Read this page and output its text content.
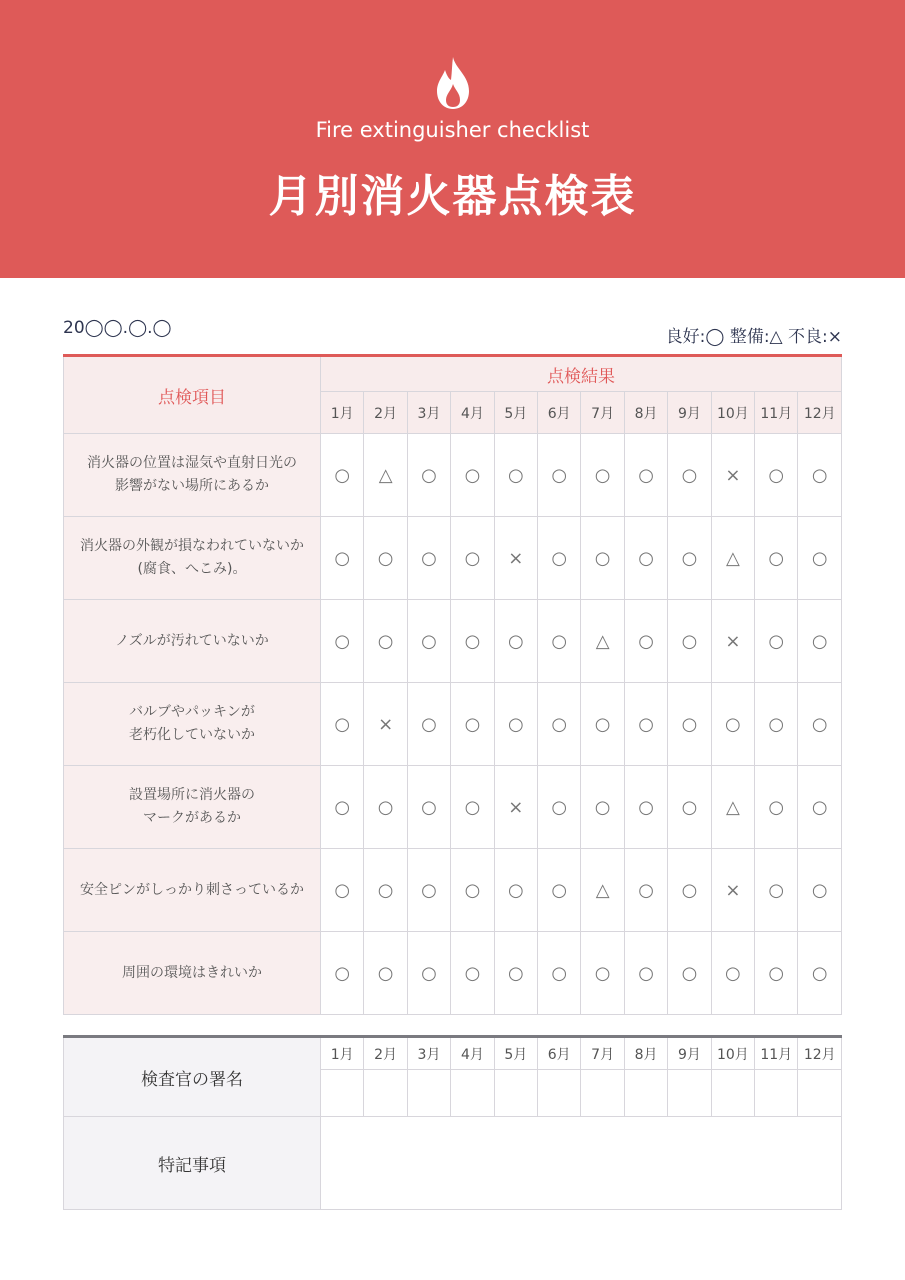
Fire extinguisher checklist
月別消火器点検表
20◯◯.◯.◯	良好:◯ 整備:△ 不良:×
点検項目	点検結果											
	1月	2月	3月	4月	5月	6月	7月	8月	9月	10月	11月	12月
消火器の位置は湿気や直射日光の
影響がない場所にあるか	○	△	○	○	○	○	○	○	○	×	○	○
消火器の外観が損なわれていないか
(腐食、へこみ)。	○	○	○	○	×	○	○	○	○	△	○	○
ノズルが汚れていないか	○	○	○	○	○	○	△	○	○	×	○	○
バルブやパッキンが
老朽化していないか	○	×	○	○	○	○	○	○	○	○	○	○
設置場所に消火器の
マークがあるか	○	○	○	○	×	○	○	○	○	△	○	○
安全ピンがしっかり刺さっているか	○	○	○	○	○	○	△	○	○	×	○	○
周囲の環境はきれいか	○	○	○	○	○	○	○	○	○	○	○	○
検査官の署名	1月	2月	3月	4月	5月	6月	7月	8月	9月	10月	11月	12月

特記事項												
